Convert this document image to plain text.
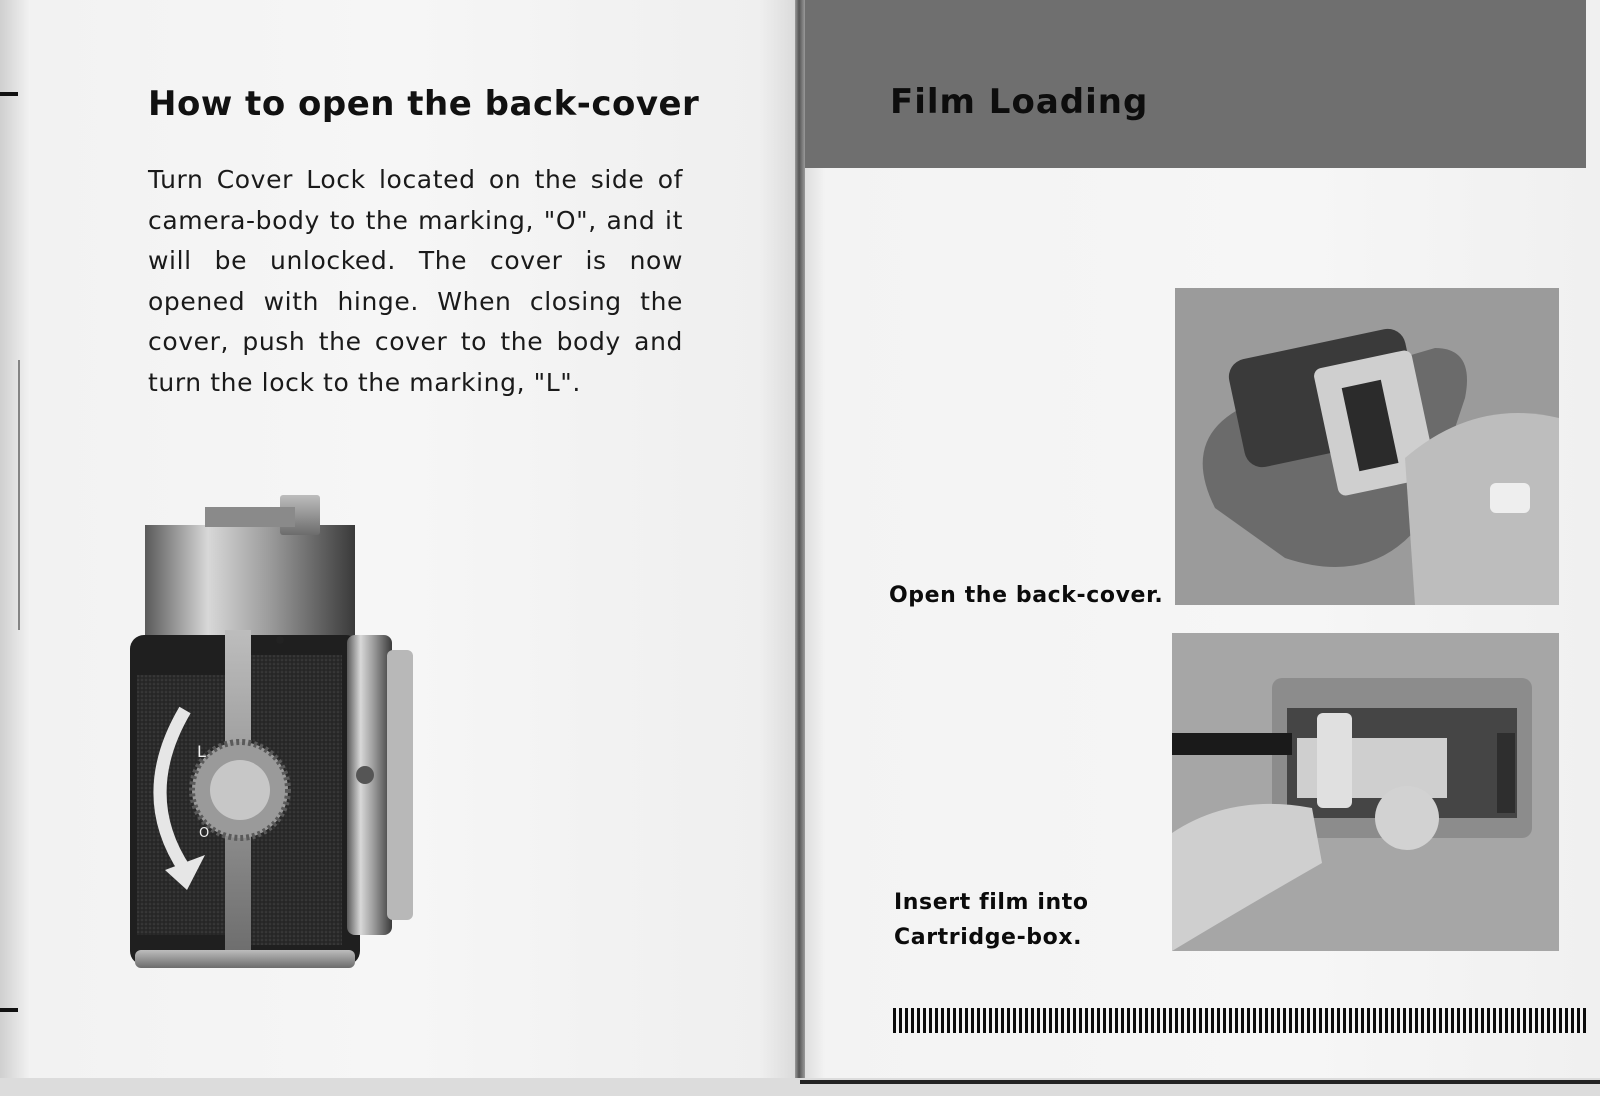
How to open the back-cover

Turn Cover Lock located on the side of camera-body to the marking, "O", and it will be unlocked. The cover is now opened with hinge. When closing the cover, push the cover to the body and turn the lock to the marking, "L".

L
O
Film Loading

Open the back-cover.

Insert film into Cartridge-box.
